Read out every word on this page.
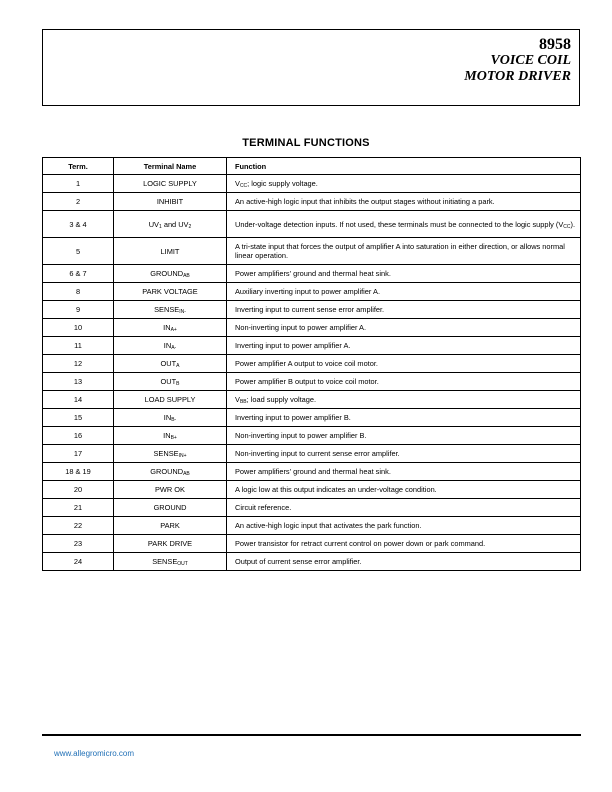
8958
VOICE COIL
MOTOR DRIVER
TERMINAL FUNCTIONS
Term.	Terminal Name	Function
1	LOGIC SUPPLY	$V_{CC}$; logic supply voltage.
2	INHIBIT	An active-high logic input that inhibits the output stages without initiating a park.
3 & 4	$UV_1$ and $UV_2$	Under-voltage detection inputs. If not used, these terminals must be connected to the logic supply $(V_{CC})$.
5	LIMIT	A tri-state input that forces the output of amplifier A into saturation in either direction, or allows normal linear operation.
6 & 7	$GROUND_{AB}$	Power amplifiers' ground and thermal heat sink.
8	PARK VOLTAGE	Auxiliary inverting input to power amplifier A.
9	$SENSE_{IN-}$	Inverting input to current sense error amplifer.
10	$IN_{A+}$	Non-inverting input to power amplifier A.
11	$IN_{A-}$	Inverting input to power amplifier A.
12	$OUT_A$	Power amplifier A output to voice coil motor.
13	$OUT_B$	Power amplifier B output to voice coil motor.
14	LOAD SUPPLY	$V_{BB}$; load supply voltage.
15	$IN_{B-}$	Inverting input to power amplifier B.
16	$IN_{B+}$	Non-inverting input to power amplifier B.
17	$SENSE_{IN+}$	Non-inverting input to current sense error amplifer.
18 & 19	$GROUND_{AB}$	Power amplifiers' ground and thermal heat sink.
20	PWR OK	A logic low at this output indicates an under-voltage condition.
21	GROUND	Circuit reference.
22	PARK	An active-high logic input that activates the park function.
23	PARK DRIVE	Power transistor for retract current control on power down or park command.
24	$SENSE_{OUT}$	Output of current sense error amplifier.
www.allegromicro.com
